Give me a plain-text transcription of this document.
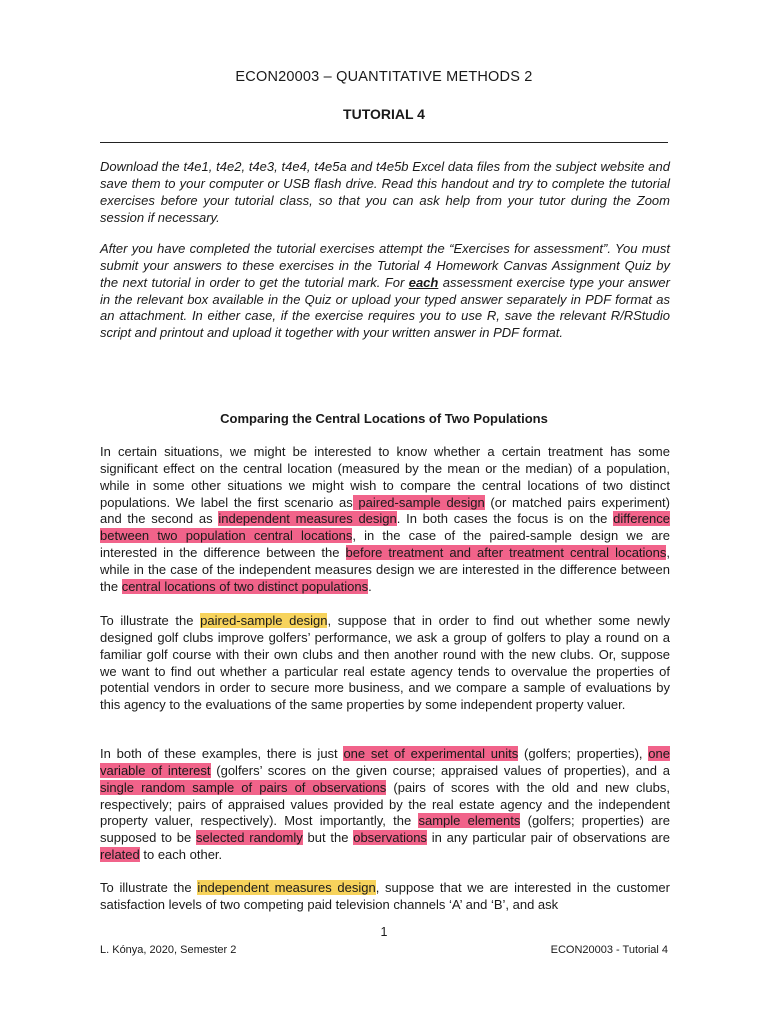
ECON20003 – QUANTITATIVE METHODS 2
TUTORIAL 4

Download the t4e1, t4e2, t4e3, t4e4, t4e5a and t4e5b Excel data files from the subject website and save them to your computer or USB flash drive. Read this handout and try to complete the tutorial exercises before your tutorial class, so that you can ask help from your tutor during the Zoom session if necessary.

After you have completed the tutorial exercises attempt the “Exercises for assessment”. You must submit your answers to these exercises in the Tutorial 4 Homework Canvas Assignment Quiz by the next tutorial in order to get the tutorial mark. For each assessment exercise type your answer in the relevant box available in the Quiz or upload your typed answer separately in PDF format as an attachment. In either case, if the exercise requires you to use R, save the relevant R/RStudio script and printout and upload it together with your written answer in PDF format.

Comparing the Central Locations of Two Populations

In certain situations, we might be interested to know whether a certain treatment has some significant effect on the central location (measured by the mean or the median) of a population, while in some other situations we might wish to compare the central locations of two distinct populations. We label the first scenario as paired-sample design (or matched pairs experiment) and the second as independent measures design. In both cases the focus is on the difference between two population central locations, in the case of the paired-sample design we are interested in the difference between the before treatment and after treatment central locations, while in the case of the independent measures design we are interested in the difference between the central locations of two distinct populations.

To illustrate the paired-sample design, suppose that in order to find out whether some newly designed golf clubs improve golfers’ performance, we ask a group of golfers to play a round on a familiar golf course with their own clubs and then another round with the new clubs. Or, suppose we want to find out whether a particular real estate agency tends to overvalue the properties of potential vendors in order to secure more business, and we compare a sample of evaluations by this agency to the evaluations of the same properties by some independent property valuer.

In both of these examples, there is just one set of experimental units (golfers; properties), one variable of interest (golfers’ scores on the given course; appraised values of properties), and a single random sample of pairs of observations (pairs of scores with the old and new clubs, respectively; pairs of appraised values provided by the real estate agency and the independent property valuer, respectively). Most importantly, the sample elements (golfers; properties) are supposed to be selected randomly but the observations in any particular pair of observations are related to each other.

To illustrate the independent measures design, suppose that we are interested in the customer satisfaction levels of two competing paid television channels ‘A’ and ‘B’, and ask

1
L. Kónya, 2020, Semester 2	ECON20003 - Tutorial 4
